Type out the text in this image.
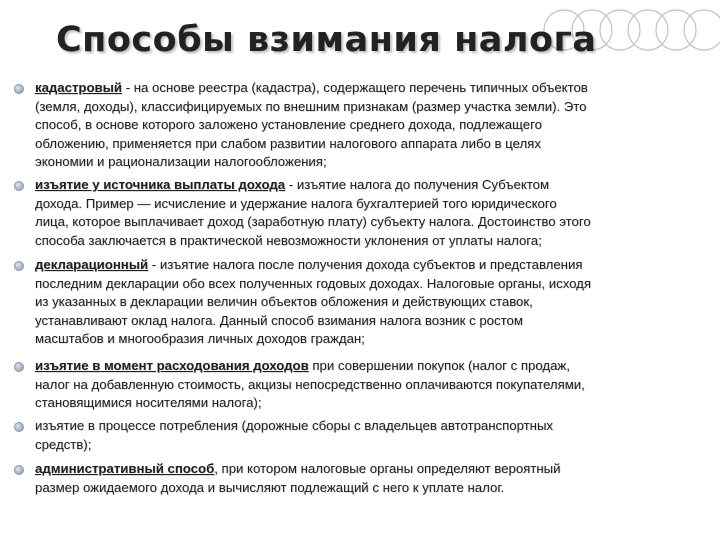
Способы взимания налога
кадастровый - на основе реестра (кадастра), содержащего перечень типичных объектов
(земля, доходы), классифицируемых по внешним признакам (размер участка земли). Это
способ, в основе которого заложено установление среднего дохода, подлежащего
обложению, применяется при слабом развитии налогового аппарата либо в целях
экономии и рационализации налогообложения;
изъятие у источника выплаты дохода - изъятие налога до получения Субъектом
дохода. Пример — исчисление и удержание налога бухгалтерией того юридического
лица, которое выплачивает доход (заработную плату) субъекту налога. Достоинство этого
способа заключается в практической невозможности уклонения от уплаты налога;
декларационный - изъятие налога после получения дохода субъектов и представления
последним декларации обо всех полученных годовых доходах. Налоговые органы, исходя
из указанных в декларации величин объектов обложения и действующих ставок,
устанавливают оклад налога. Данный способ взимания налога возник с ростом
масштабов и многообразия личных доходов граждан;
изъятие в момент расходования доходов при совершении покупок (налог с продаж,
налог на добавленную стоимость, акцизы непосредственно оплачиваются покупателями,
становящимися носителями налога);
изъятие в процессе потребления (дорожные сборы с владельцев автотранспортных
средств);
административный способ, при котором налоговые органы определяют вероятный
размер ожидаемого дохода и вычисляют подлежащий с него к уплате налог.
